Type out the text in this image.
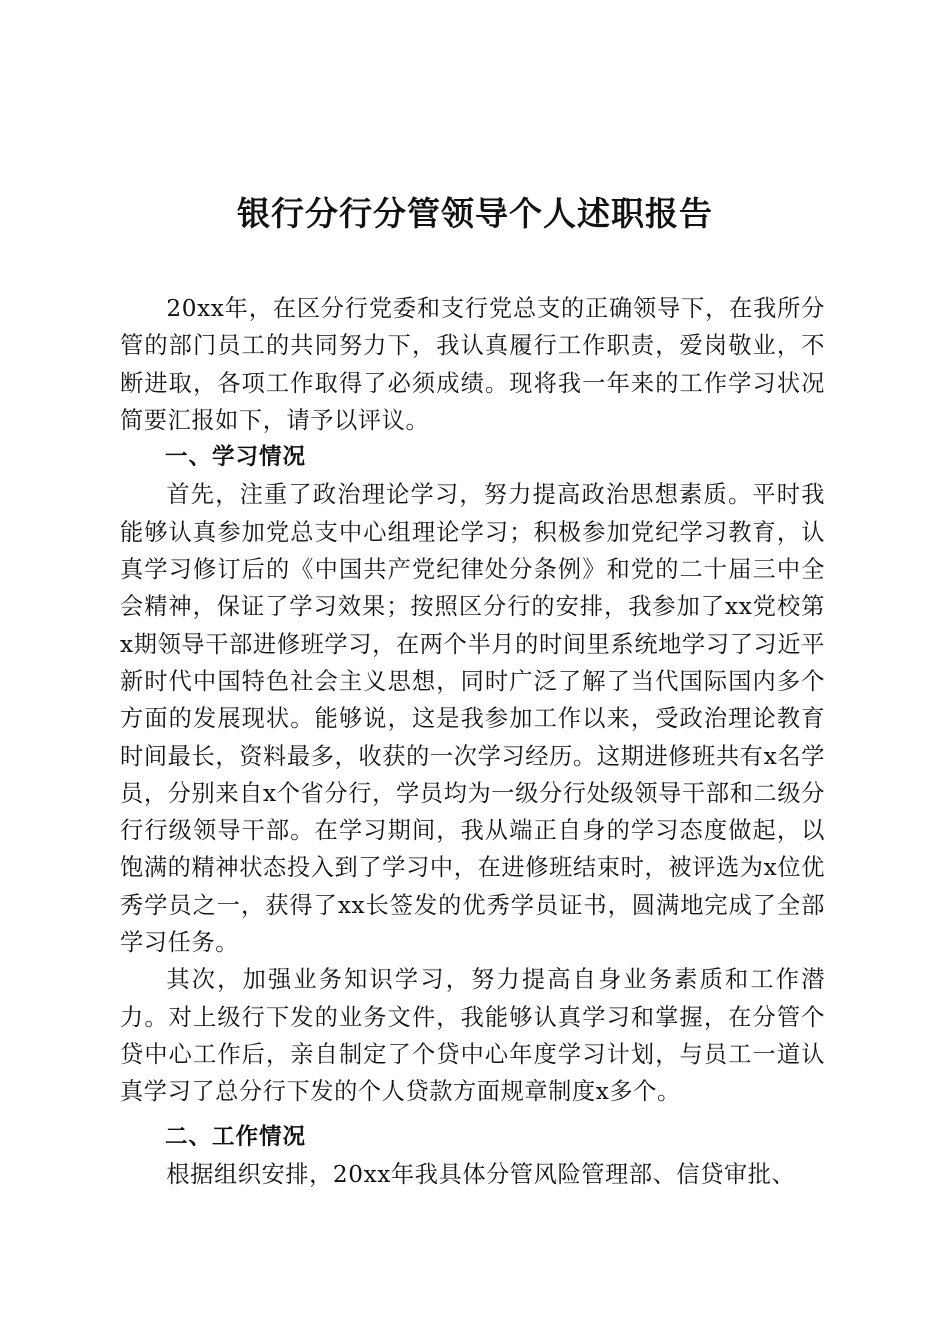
银行分行分管领导个人述职报告

20xx年，在区分行党委和支行党总支的正确领导下，在我所分管的部门员工的共同努力下，我认真履行工作职责，爱岗敬业，不断进取，各项工作取得了必须成绩。现将我一年来的工作学习状况简要汇报如下，请予以评议。

一、学习情况

首先，注重了政治理论学习，努力提高政治思想素质。平时我能够认真参加党总支中心组理论学习；积极参加党纪学习教育，认真学习修订后的《中国共产党纪律处分条例》和党的二十届三中全会精神，保证了学习效果；按照区分行的安排，我参加了xx党校第x期领导干部进修班学习，在两个半月的时间里系统地学习了习近平新时代中国特色社会主义思想，同时广泛了解了当代国际国内多个方面的发展现状。能够说，这是我参加工作以来，受政治理论教育时间最长，资料最多，收获的一次学习经历。这期进修班共有x名学员，分别来自x个省分行，学员均为一级分行处级领导干部和二级分行行级领导干部。在学习期间，我从端正自身的学习态度做起，以饱满的精神状态投入到了学习中，在进修班结束时，被评选为x位优秀学员之一，获得了xx长签发的优秀学员证书，圆满地完成了全部学习任务。

其次，加强业务知识学习，努力提高自身业务素质和工作潜力。对上级行下发的业务文件，我能够认真学习和掌握，在分管个贷中心工作后，亲自制定了个贷中心年度学习计划，与员工一道认真学习了总分行下发的个人贷款方面规章制度x多个。

二、工作情况

根据组织安排，20xx年我具体分管风险管理部、信贷审批、
